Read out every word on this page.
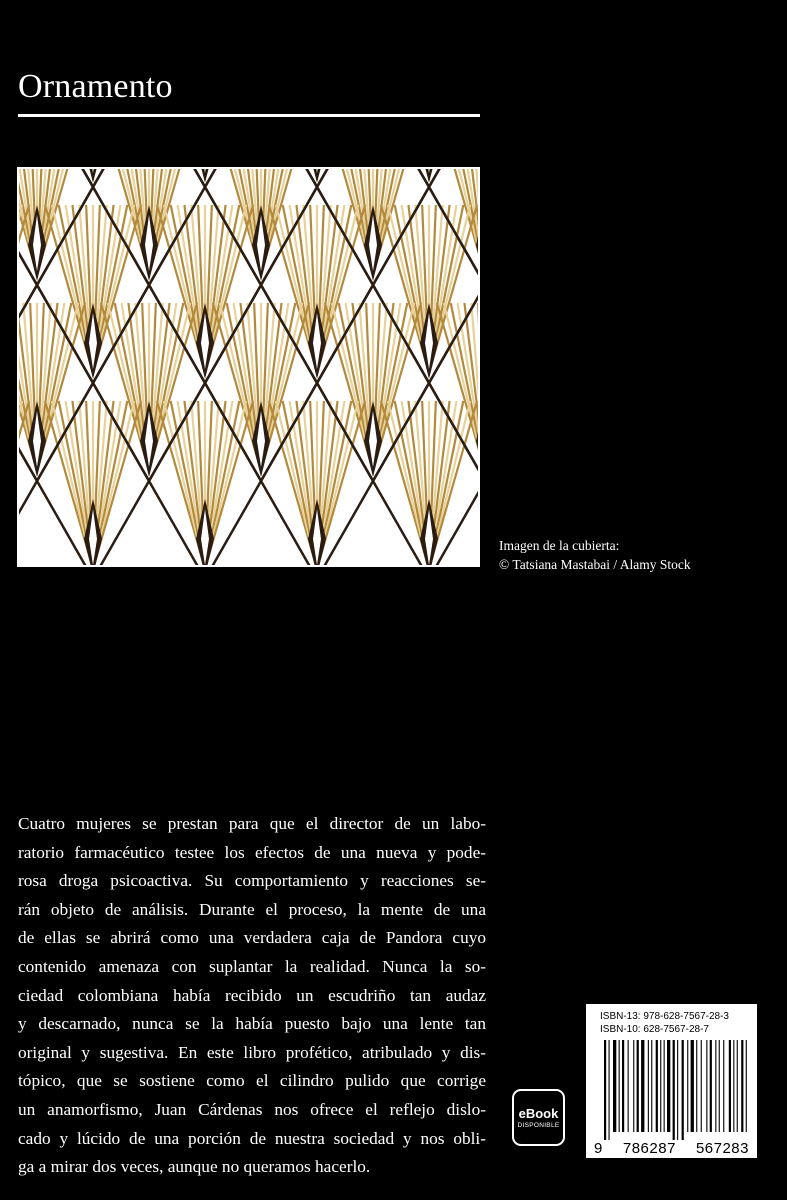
Ornamento
Imagen de la cubierta:
© Tatsiana Mastabai / Alamy Stock
Cuatro mujeres se prestan para que el director de un labo-
ratorio farmacéutico testee los efectos de una nueva y pode-
rosa droga psicoactiva. Su comportamiento y reacciones se-
rán objeto de análisis. Durante el proceso, la mente de una
de ellas se abrirá como una verdadera caja de Pandora cuyo
contenido amenaza con suplantar la realidad. Nunca la so-
ciedad colombiana había recibido un escudriño tan audaz
y descarnado, nunca se la había puesto bajo una lente tan
original y sugestiva. En este libro profético, atribulado y dis-
tópico, que se sostiene como el cilindro pulido que corrige
un anamorfismo, Juan Cárdenas nos ofrece el reflejo dislo-
cado y lúcido de una porción de nuestra sociedad y nos obli-
ga a mirar dos veces, aunque no queramos hacerlo.
eBook
DISPONIBLE
ISBN-13: 978-628-7567-28-3
ISBN-10: 628-7567-28-7
9 786287 567283
